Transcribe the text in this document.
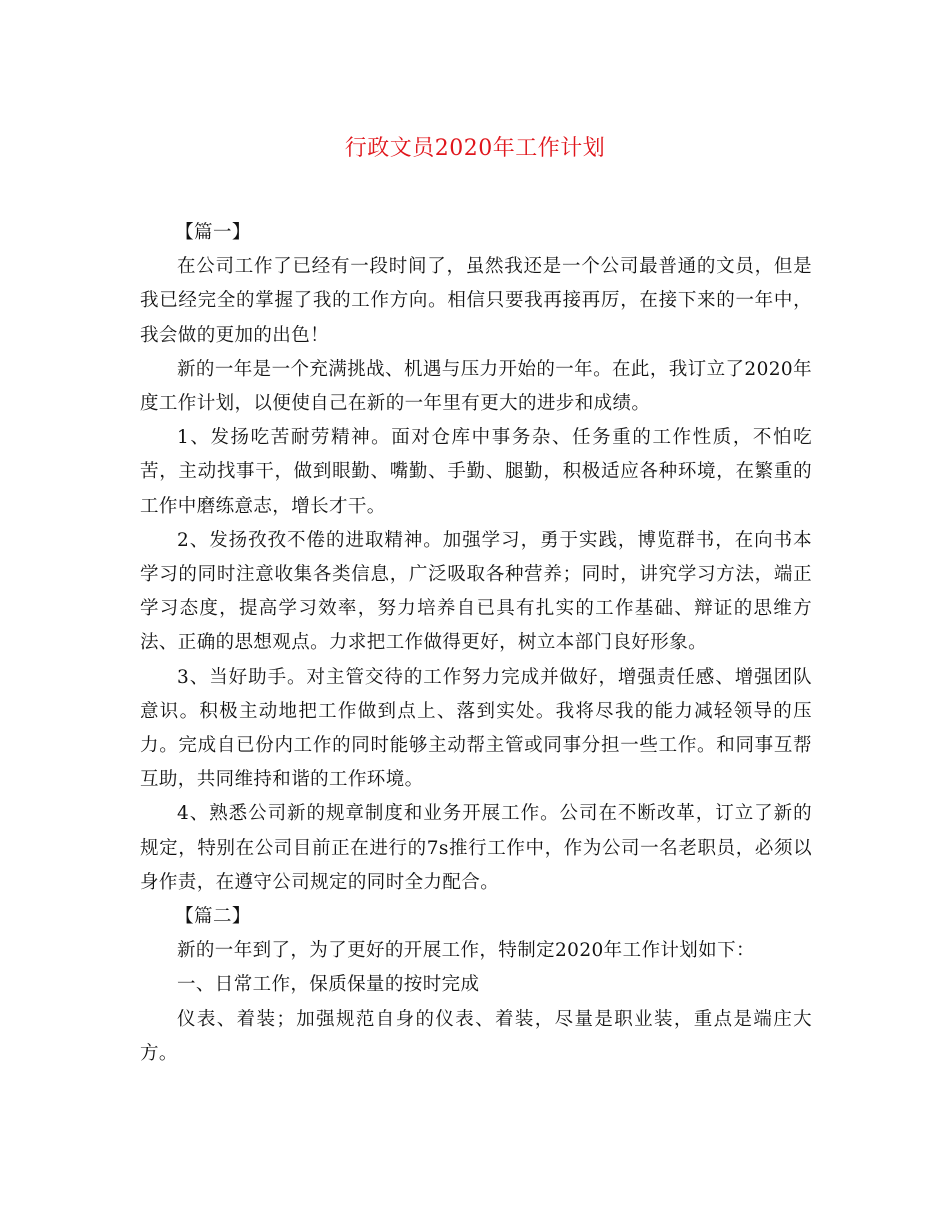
行政文员2020年工作计划

【篇一】

在公司工作了已经有一段时间了，虽然我还是一个公司最普通的文员，但是我已经完全的掌握了我的工作方向。相信只要我再接再厉，在接下来的一年中，我会做的更加的出色！

新的一年是一个充满挑战、机遇与压力开始的一年。在此，我订立了2020年度工作计划，以便使自己在新的一年里有更大的进步和成绩。

1、发扬吃苦耐劳精神。面对仓库中事务杂、任务重的工作性质，不怕吃苦，主动找事干，做到眼勤、嘴勤、手勤、腿勤，积极适应各种环境，在繁重的工作中磨练意志，增长才干。

2、发扬孜孜不倦的进取精神。加强学习，勇于实践，博览群书，在向书本学习的同时注意收集各类信息，广泛吸取各种营养；同时，讲究学习方法，端正学习态度，提高学习效率，努力培养自已具有扎实的工作基础、辩证的思维方法、正确的思想观点。力求把工作做得更好，树立本部门良好形象。

3、当好助手。对主管交待的工作努力完成并做好，增强责任感、增强团队意识。积极主动地把工作做到点上、落到实处。我将尽我的能力减轻领导的压力。完成自已份内工作的同时能够主动帮主管或同事分担一些工作。和同事互帮互助，共同维持和谐的工作环境。

4、熟悉公司新的规章制度和业务开展工作。公司在不断改革，订立了新的规定，特别在公司目前正在进行的7s推行工作中，作为公司一名老职员，必须以身作责，在遵守公司规定的同时全力配合。

【篇二】

新的一年到了，为了更好的开展工作，特制定2020年工作计划如下：

一、日常工作，保质保量的按时完成

仪表、着装；加强规范自身的仪表、着装，尽量是职业装，重点是端庄大方。
